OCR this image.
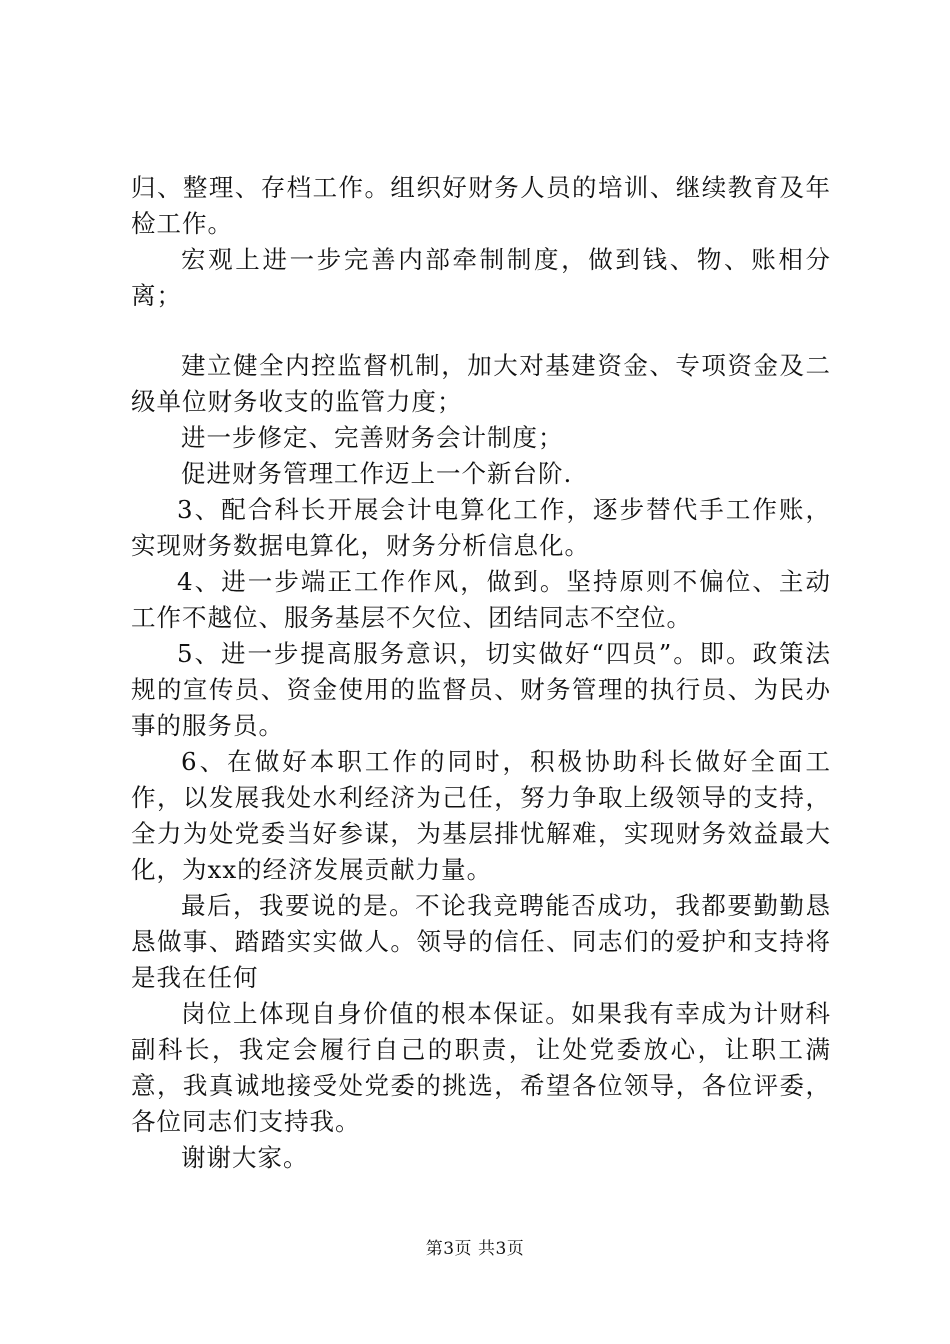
归、整理、存档工作。组织好财务人员的培训、继续教育及年检工作。

宏观上进一步完善内部牵制制度，做到钱、物、账相分离；

建立健全内控监督机制，加大对基建资金、专项资金及二级单位财务收支的监管力度；

进一步修定、完善财务会计制度；

促进财务管理工作迈上一个新台阶.

3、配合科长开展会计电算化工作，逐步替代手工作账，实现财务数据电算化，财务分析信息化。

4、进一步端正工作作风，做到。坚持原则不偏位、主动工作不越位、服务基层不欠位、团结同志不空位。

5、进一步提高服务意识，切实做好“四员”。即。政策法规的宣传员、资金使用的监督员、财务管理的执行员、为民办事的服务员。

6、在做好本职工作的同时，积极协助科长做好全面工作，以发展我处水利经济为己任，努力争取上级领导的支持，全力为处党委当好参谋，为基层排忧解难，实现财务效益最大化，为xx的经济发展贡献力量。

最后，我要说的是。不论我竞聘能否成功，我都要勤勤恳恳做事、踏踏实实做人。领导的信任、同志们的爱护和支持将是我在任何

岗位上体现自身价值的根本保证。如果我有幸成为计财科副科长，我定会履行自己的职责，让处党委放心，让职工满意，我真诚地接受处党委的挑选，希望各位领导，各位评委，各位同志们支持我。

谢谢大家。

第3页 共3页
